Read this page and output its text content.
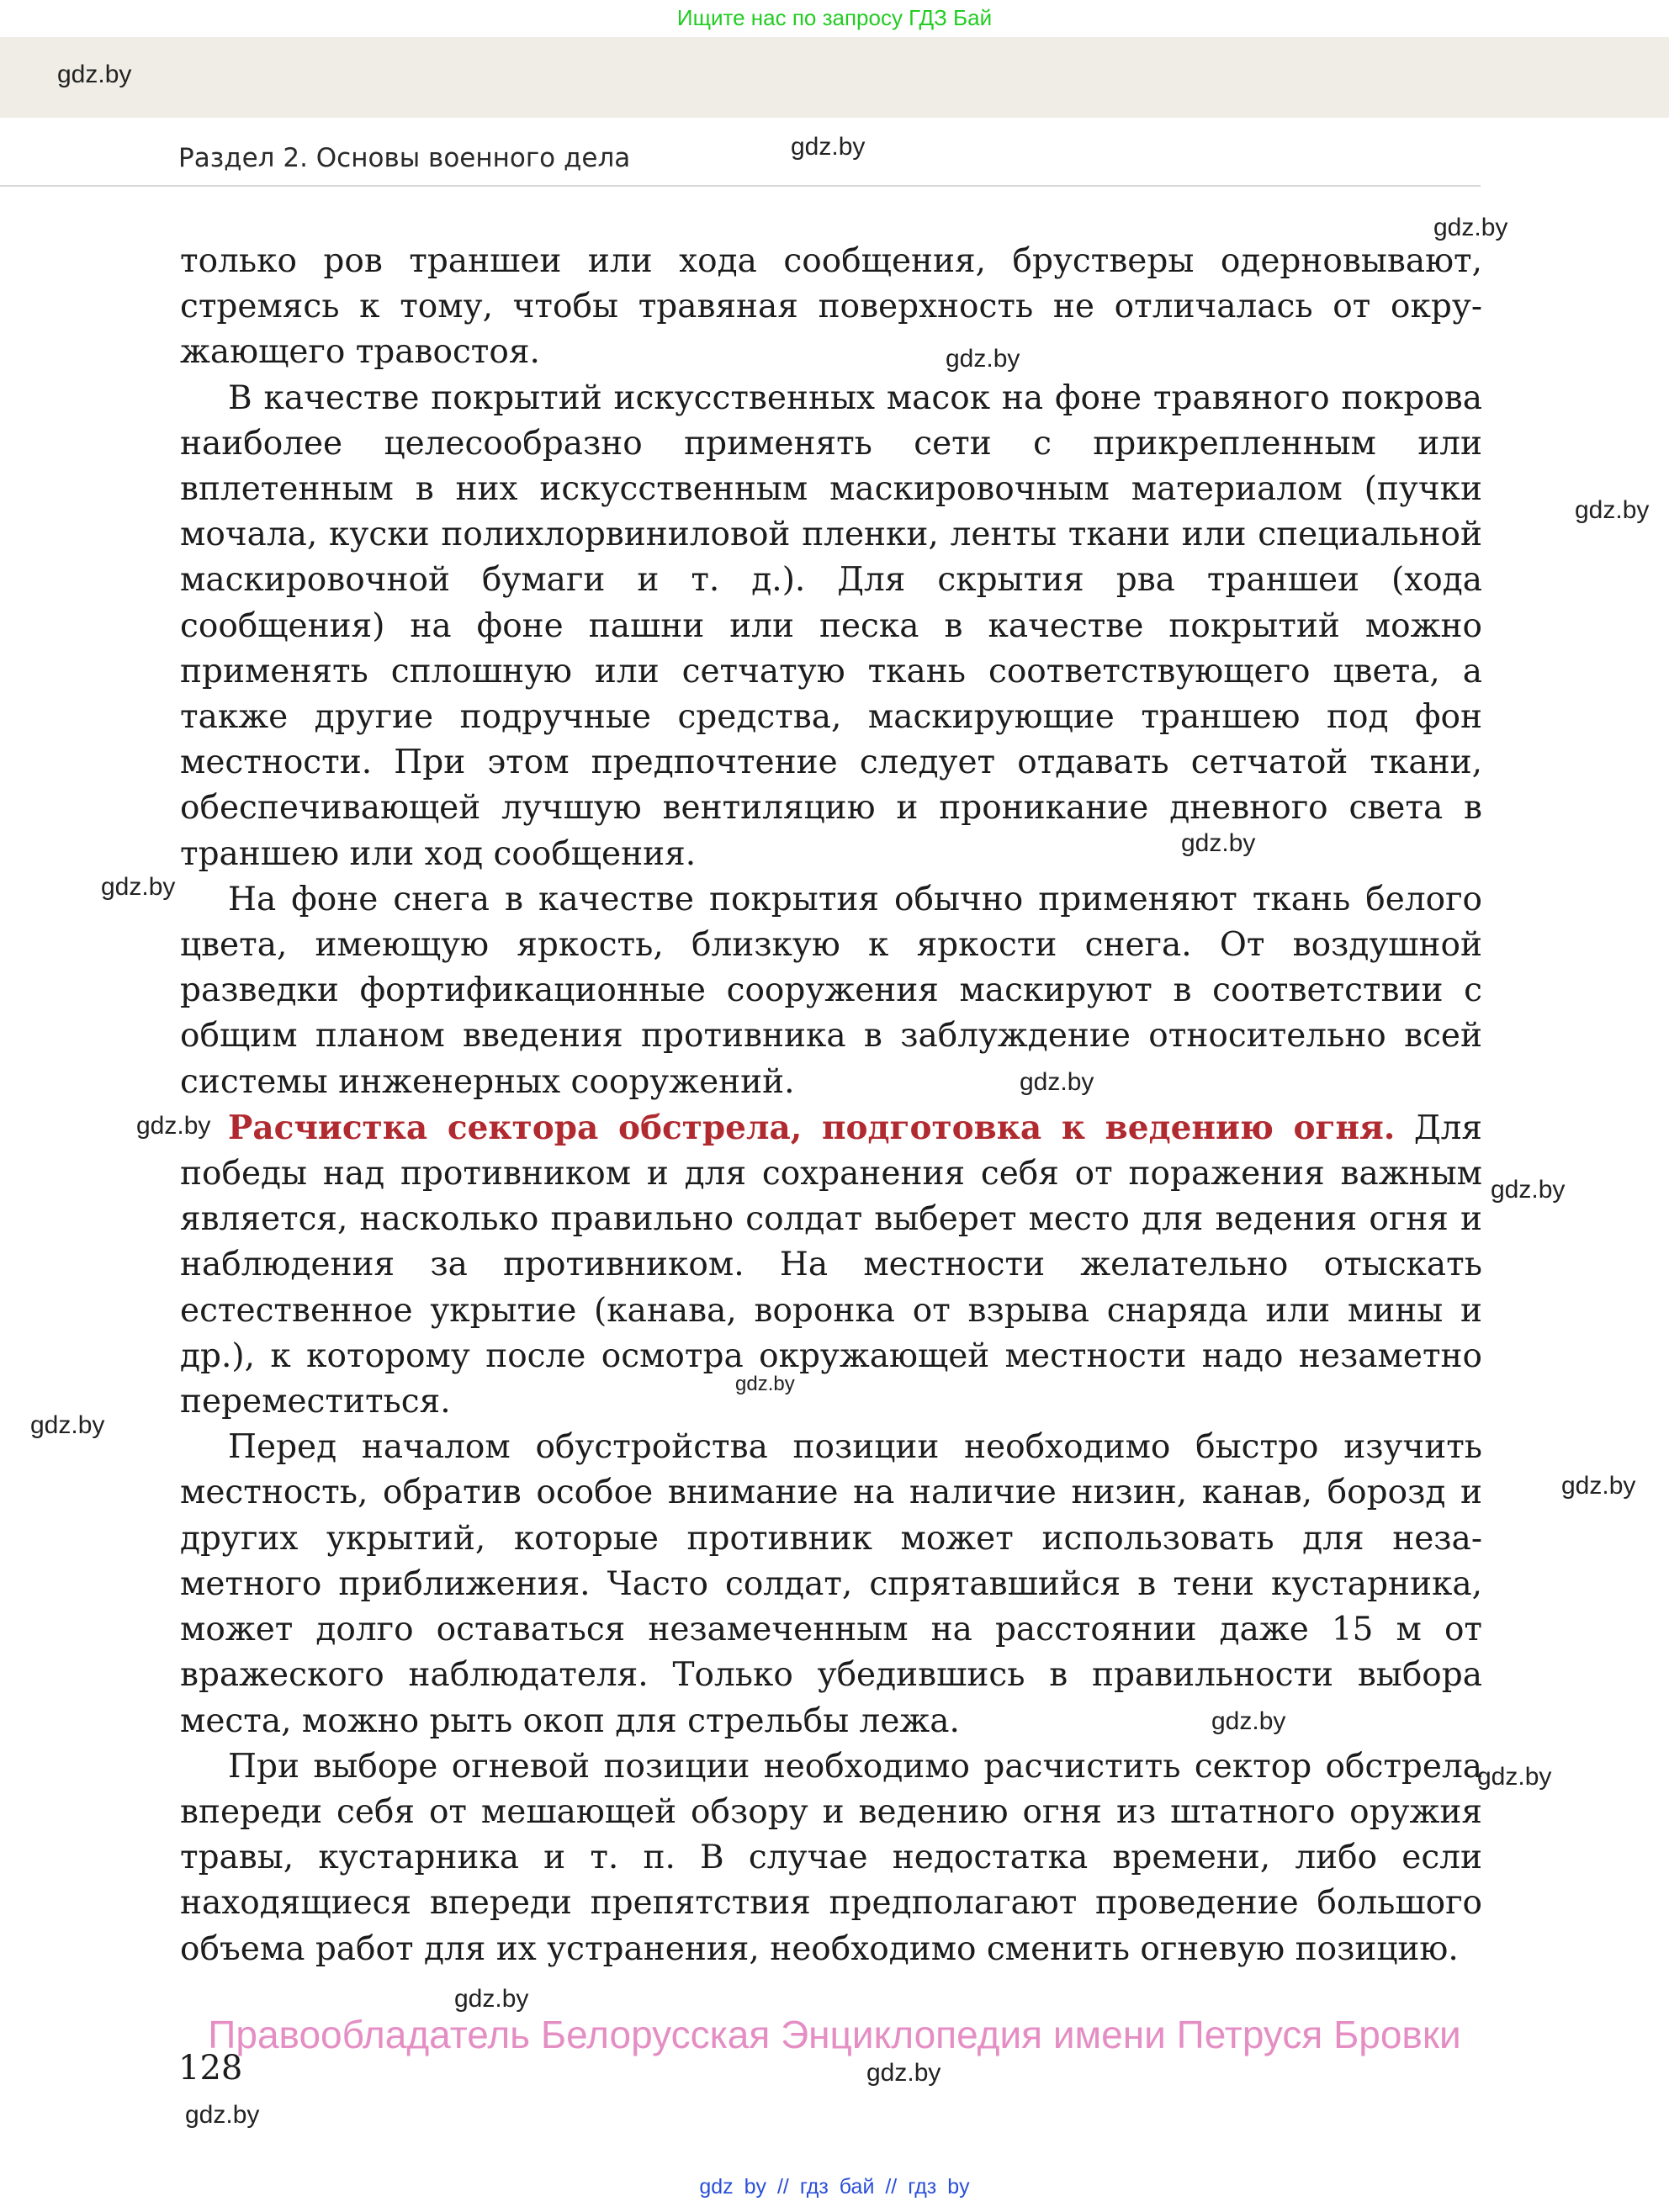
Ищите нас по запросу ГДЗ Бай
gdz.by
Раздел 2. Основы военного дела	gdz.by
gdz.by
gdz.by
gdz.by
gdz.by
gdz.by
gdz.by
gdz.by
gdz.by
gdz.by
gdz.by
gdz.by
gdz.by
gdz.by
gdz.by
gdz.by
gdz.by

только ров траншеи или хода сообщения, брустверы одерновывают, стремясь к тому, чтобы травяная поверхность не отличалась от окружающего травостоя.

В качестве покрытий искусственных масок на фоне травяного покрова наиболее целесообразно применять сети с прикрепленным или вплетенным в них искусственным маскировочным материалом (пучки мочала, куски полихлорвиниловой пленки, ленты ткани или специальной маскировочной бумаги и т. д.). Для скрытия рва траншеи (хода сообщения) на фоне пашни или песка в качестве покрытий можно применять сплошную или сетчатую ткань соответствующего цвета, а также другие подручные средства, маскирующие траншею под фон местности. При этом предпочтение следует отдавать сетчатой ткани, обеспечивающей лучшую вентиляцию и проникание дневного света в траншею или ход сообщения.

На фоне снега в качестве покрытия обычно применяют ткань белого цвета, имеющую яркость, близкую к яркости снега. От воздушной разведки фортификационные сооружения маскируют в соответствии с общим планом введения противника в заблуждение относительно всей системы инженерных сооружений.

Расчистка сектора обстрела, подготовка к ведению огня. Для победы над противником и для сохранения себя от поражения важным является, насколько правильно солдат выберет место для ведения огня и наблюдения за противником. На местности желательно отыскать естественное укрытие (канава, воронка от взрыва снаряда или мины и др.), к которому после осмотра окружающей местности надо незаметно переместиться.

Перед началом обустройства позиции необходимо быстро изучить местность, обратив особое внимание на наличие низин, канав, борозд и других укрытий, которые противник может использовать для незаметного приближения. Часто солдат, спрятавшийся в тени кустарника, может долго оставаться незамеченным на расстоянии даже 15 м от вражеского наблюдателя. Только убедившись в правильности выбора места, можно рыть окоп для стрельбы лежа.

При выборе огневой позиции необходимо расчистить сектор обстрела впереди себя от мешающей обзору и ведению огня из штатного оружия травы, кустарника и т. п. В случае недостатка времени, либо если находящиеся впереди препятствия предполагают проведение большого объема работ для их устранения, необходимо сменить огневую позицию.

Правообладатель Белорусская Энциклопедия имени Петруся Бровки
128
gdz by // гдз бай // гдз by
